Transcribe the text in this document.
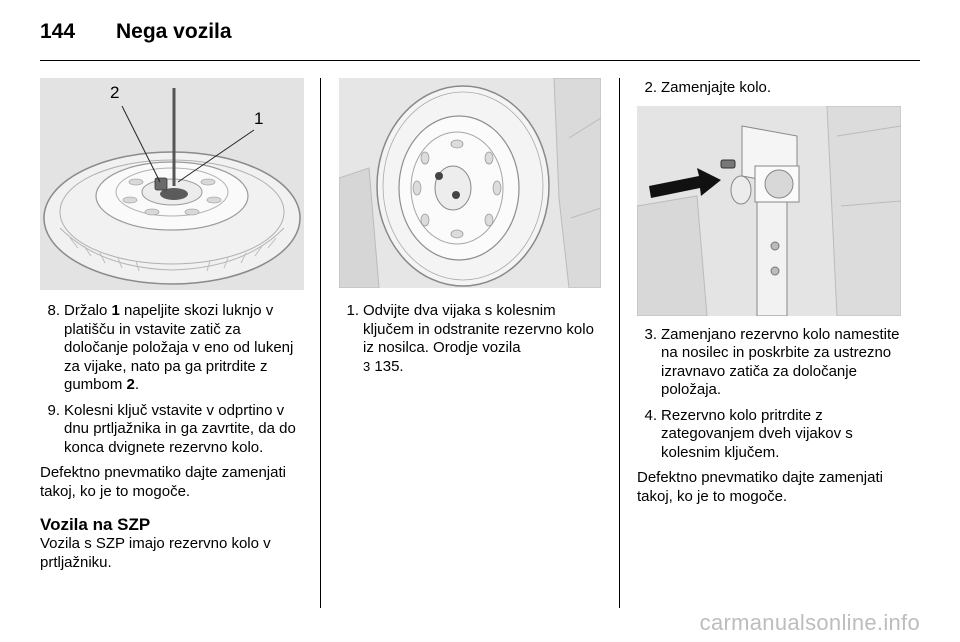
144 Nega vozila
2
1
8 . Držalo 1 napeljite skozi luknjo v platišču in vstavite zatič za določanje položaja v eno od lukenj za vijake, nato pa ga pritrdite z gumbom 2.
9 . Kolesni ključ vstavite v odprtino v dnu prtljažnika in ga zavrtite, da do konca dvignete rezervno kolo.
Defektno pnevmatiko dajte zamenjati takoj, ko je to mogoče.
Vozila na SZP
Vozila s SZP imajo rezervno kolo v prtljažniku.
1 . Odvijte dva vijaka s kolesnim ključem in odstranite rezervno kolo iz nosilca. Orodje vozila
3 135.
2 . Zamenjajte kolo.
3 . Zamenjano rezervno kolo namestite na nosilec in poskrbite za ustrezno izravnavo zatiča za določanje položaja.
4 . Rezervno kolo pritrdite z zategovanjem dveh vijakov s kolesnim ključem.
Defektno pnevmatiko dajte zamenjati takoj, ko je to mogoče.
carmanualsonline.info
